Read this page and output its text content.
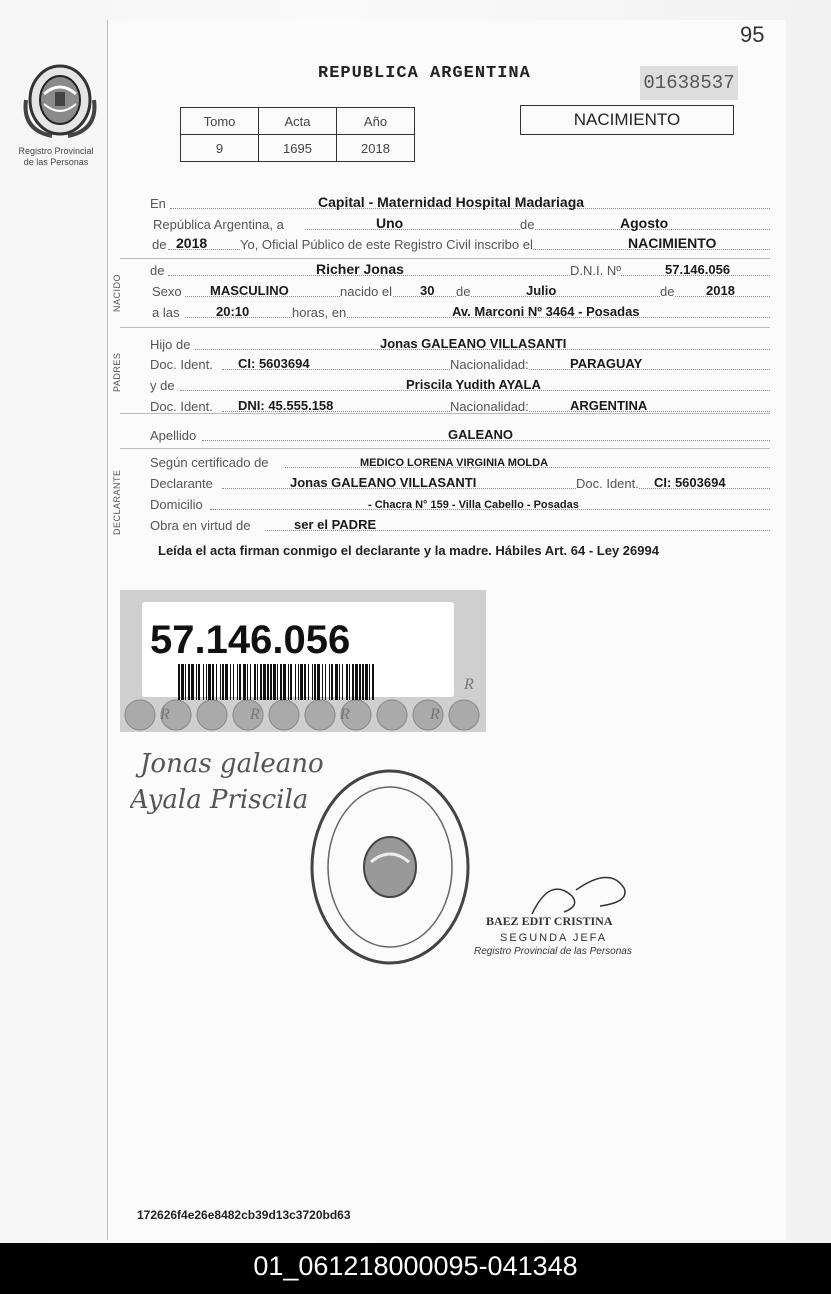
95
Registro Provincial
de las Personas
REPUBLICA ARGENTINA	01638537
Tomo	Acta	Año
9	1695	2018
NACIMIENTO
En	Capital - Maternidad Hospital Madariaga
República Argentina, a	Uno	de	Agosto
de 2018	Yo, Oficial Público de este Registro Civil inscribo el	NACIMIENTO
NACIDO
de	Richer Jonas	D.N.I. Nº	57.146.056
Sexo MASCULINO	nacido el 30 de	Julio	de 2018
a las	20:10	horas, en	Av. Marconi Nº 3464 - Posadas
PADRES
Hijo de	Jonas GALEANO VILLASANTI
Doc. Ident. CI: 5603694	Nacionalidad:	PARAGUAY
y de	Priscila Yudith AYALA
Doc. Ident. DNI: 45.555.158	Nacionalidad:	ARGENTINA
Apellido	GALEANO
DECLARANTE
Según certificado de	MEDICO LORENA VIRGINIA MOLDA
Declarante	Jonas GALEANO VILLASANTI	Doc. Ident. CI: 5603694
Domicilio	- Chacra N° 159 - Villa Cabello - Posadas
Obra en virtud de	ser el PADRE
Leída el acta firman conmigo el declarante y la madre. Hábiles Art. 64 - Ley 26994
R	R	R	R
R
57.146.056
Jonas galeano
Ayala Priscila
BAEZ EDIT CRISTINA
SEGUNDA JEFA
Registro Provincial de las Personas
172626f4e26e8482cb39d13c3720bd63
01_061218000095-041348
